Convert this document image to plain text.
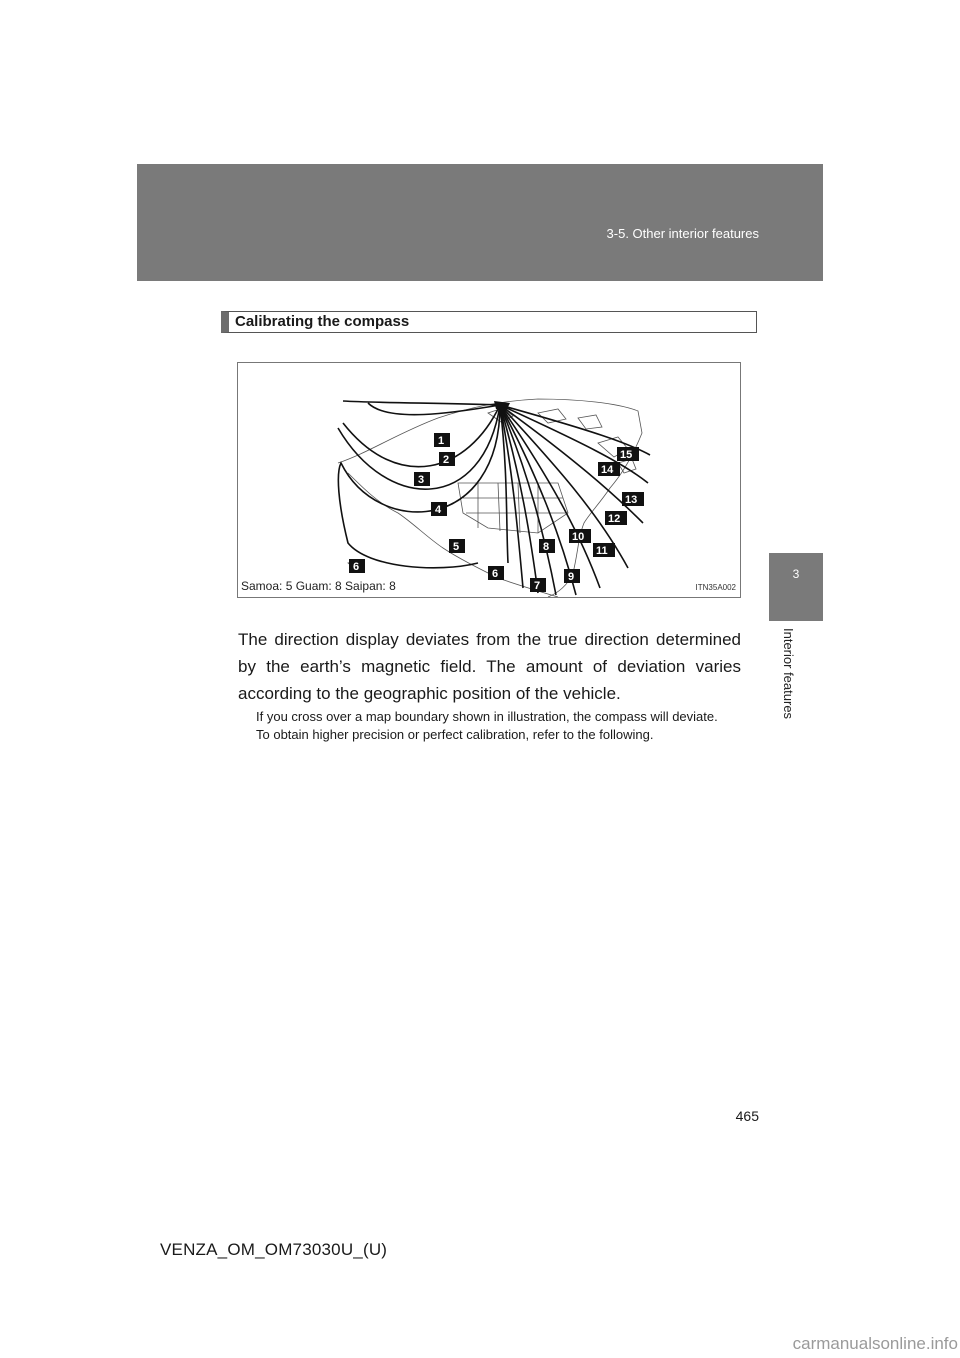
3-5. Other interior features
3
Interior features
Calibrating the compass
1
2
3
4
5
6
6
7
8
9
10
11
12
13
14
15
Samoa: 5 Guam: 8 Saipan: 8	ITN35A002

The direction display deviates from the true direction determined by the earth’s magnetic field. The amount of deviation varies according to the geographic position of the vehicle.

If you cross over a map boundary shown in illustration, the compass will deviate.
To obtain higher precision or perfect calibration, refer to the following.

465
VENZA_OM_OM73030U_(U)
carmanualsonline.info
